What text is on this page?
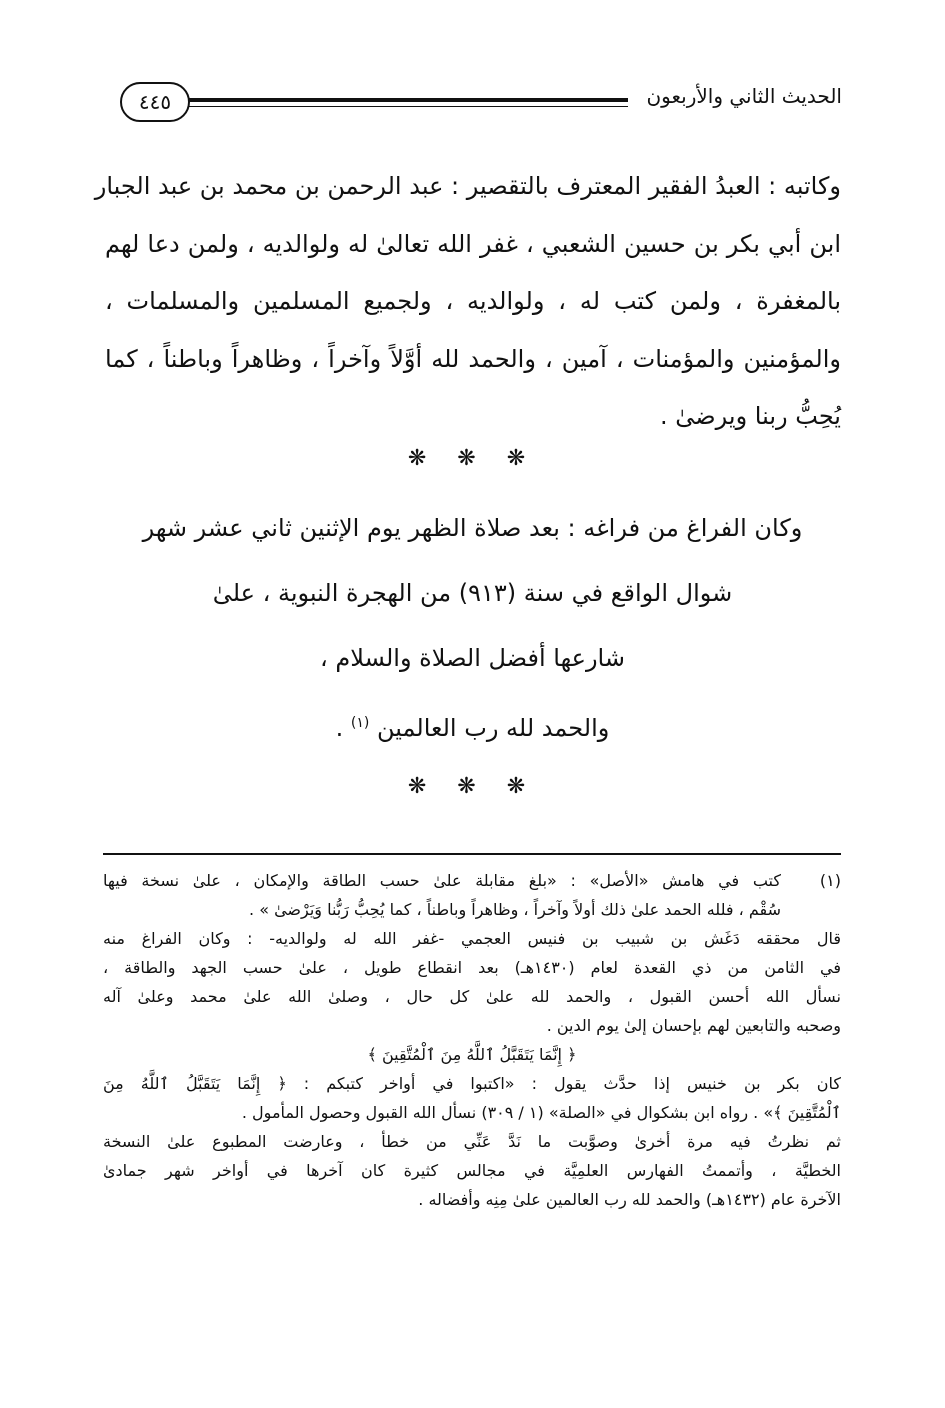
الحديث الثاني والأربعون
٤٤٥
وكاتبه : العبدُ الفقير المعترف بالتقصير : عبد الرحمن بن محمد بن عبد الجبار
ابن أبي بكر بن حسين الشعبي ، غفر الله تعالىٰ له ولوالديه ، ولمن دعا لهم
بالمغفرة ، ولمن كتب له ، ولوالديه ، ولجميع المسلمين والمسلمات ،
والمؤمنين والمؤمنات ، آمين ، والحمد لله أوَّلاً وآخراً ، وظاهراً وباطناً ، كما
يُحِبُّ ربنا ويرضىٰ .
❋ ❋ ❋
وكان الفراغ من فراغه : بعد صلاة الظهر يوم الإثنين ثاني عشر شهر
شوال الواقع في سنة (٩١٣) من الهجرة النبوية ، علىٰ
شارعها أفضل الصلاة والسلام ،
والحمد لله رب العالمين $^{(١)}$ .
❋ ❋ ❋
(١)
كتب في هامش «الأصل» : «بلغ مقابلة علىٰ حسب الطاقة والإمكان ، علىٰ نسخة فيها
سُقْم ، فلله الحمد علىٰ ذلك أولاً وآخراً ، وظاهراً وباطناً ، كما يُحِبُّ رَبُّنا وَيَرْضىٰ » .
قال محققه دَغَش بن شبيب بن فنيس العجمي -غفر الله له ولوالديه- : وكان الفراغ منه
في الثامن من ذي القعدة لعام (١٤٣٠هـ) بعد انقطاع طويل ، علىٰ حسب الجهد والطاقة ،
نسأل الله أحسن القبول ، والحمد لله علىٰ كل حال ، وصلىٰ الله علىٰ محمد وعلىٰ آله
وصحبه والتابعين لهم بإحسان إلىٰ يوم الدين .
﴿ إِنَّمَا يَتَقَبَّلُ ٱللَّهُ مِنَ ٱلْمُتَّقِينَ ﴾
كان بكر بن خنيس إذا حدَّث يقول : «اكتبوا في أواخر كتبكم : ﴿ إِنَّمَا يَتَقَبَّلُ ٱللَّهُ مِنَ
ٱلْمُتَّقِينَ ﴾» . رواه ابن بشكوال في «الصلة» (١ / ٣٠٩) نسأل الله القبول وحصول المأمول .
ثم نظرتُ فيه مرة أخرىٰ وصوَّبت ما نَدَّ عَنِّي من خطأ ، وعارضت المطبوع علىٰ النسخة
الخطيَّة ، وأتممتُ الفهارس العلمِيَّة في مجالس كثيرة كان آخرها في أواخر شهر جمادىٰ
الآخرة عام (١٤٣٢هـ) والحمد لله رب العالمين علىٰ مِنِه وأفضاله .
